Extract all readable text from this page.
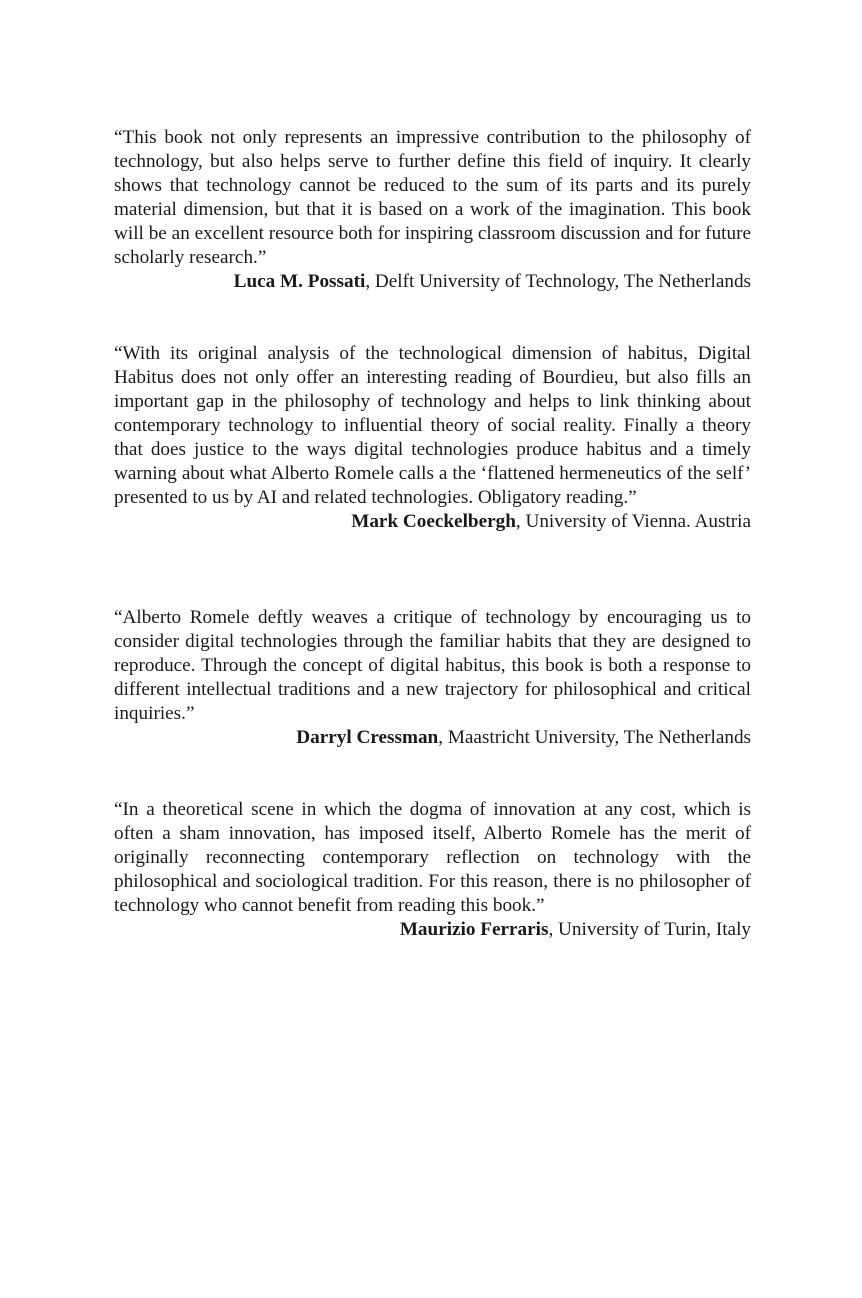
“This book not only represents an impressive contribution to the philosophy of technology, but also helps serve to further define this field of inquiry. It clearly shows that technology cannot be reduced to the sum of its parts and its purely material dimension, but that it is based on a work of the imagination. This book will be an excellent resource both for inspiring classroom discussion and for future scholarly research.”

Luca M. Possati, Delft University of Technology, The Netherlands

“With its original analysis of the technological dimension of habitus, Digital Habitus does not only offer an interesting reading of Bourdieu, but also fills an important gap in the philosophy of technology and helps to link thinking about contemporary technology to influential theory of social reality. Finally a theory that does justice to the ways digital technologies produce habitus and a timely warning about what Alberto Romele calls a the ‘flattened hermeneutics of the self’ presented to us by AI and related technologies. Obligatory reading.”

Mark Coeckelbergh, University of Vienna. Austria

“Alberto Romele deftly weaves a critique of technology by encouraging us to consider digital technologies through the familiar habits that they are designed to reproduce. Through the concept of digital habitus, this book is both a response to different intellectual traditions and a new trajectory for philosophical and critical inquiries.”

Darryl Cressman, Maastricht University, The Netherlands

“In a theoretical scene in which the dogma of innovation at any cost, which is often a sham innovation, has imposed itself, Alberto Romele has the merit of originally reconnecting contemporary reflection on technology with the philosophical and sociological tradition. For this reason, there is no philosopher of technology who cannot benefit from reading this book.”

Maurizio Ferraris, University of Turin, Italy
